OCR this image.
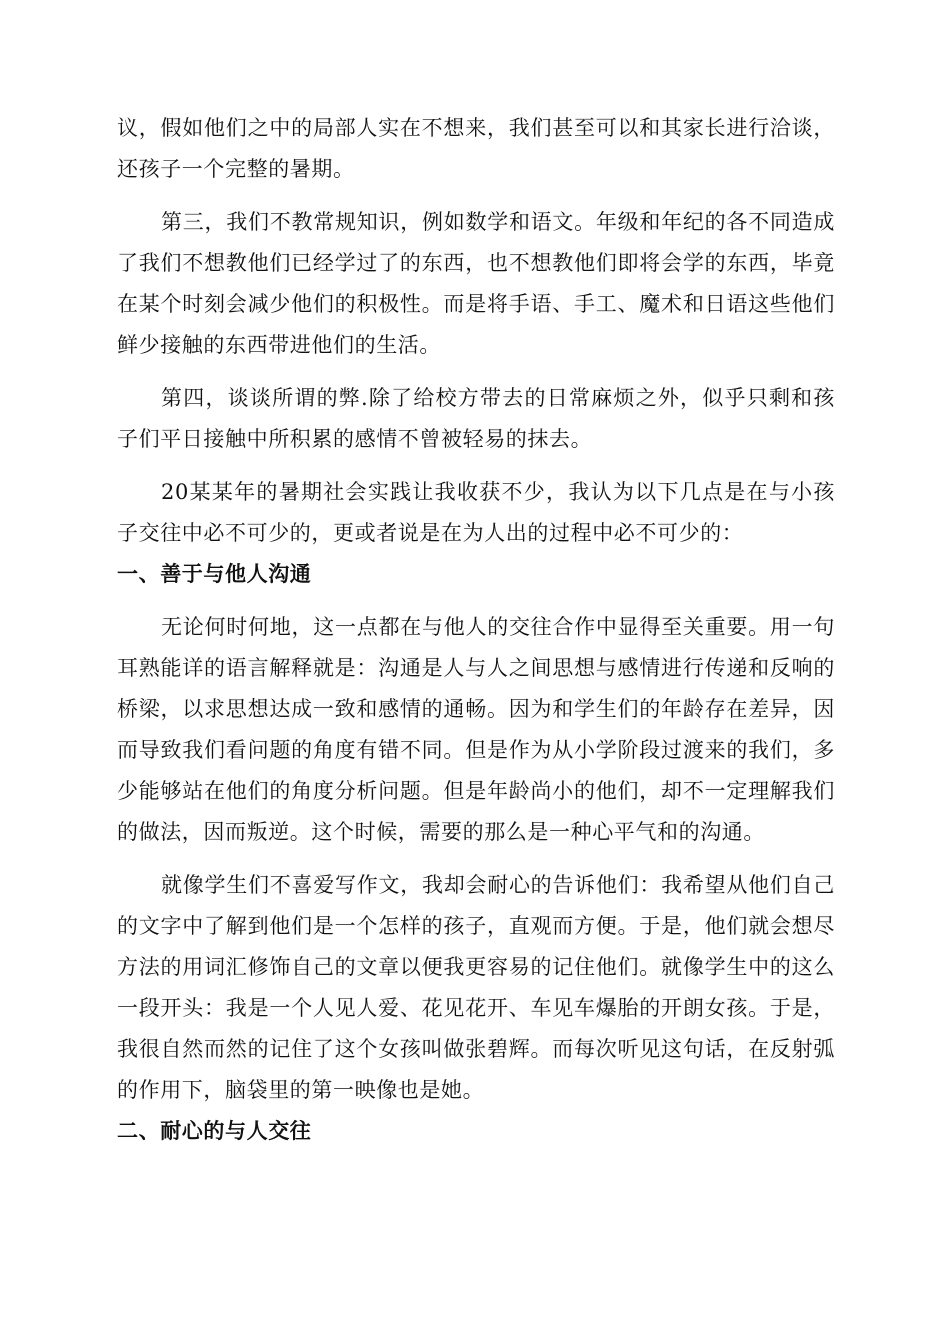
议，假如他们之中的局部人实在不想来，我们甚至可以和其家长进行洽谈，还孩子一个完整的暑期。

第三，我们不教常规知识，例如数学和语文。年级和年纪的各不同造成了我们不想教他们已经学过了的东西，也不想教他们即将会学的东西，毕竟在某个时刻会减少他们的积极性。而是将手语、手工、魔术和日语这些他们鲜少接触的东西带进他们的生活。

第四，谈谈所谓的弊.除了给校方带去的日常麻烦之外，似乎只剩和孩子们平日接触中所积累的感情不曾被轻易的抹去。

20某某年的暑期社会实践让我收获不少，我认为以下几点是在与小孩子交往中必不可少的，更或者说是在为人出的过程中必不可少的：

一、善于与他人沟通

无论何时何地，这一点都在与他人的交往合作中显得至关重要。用一句耳熟能详的语言解释就是：沟通是人与人之间思想与感情进行传递和反响的桥梁，以求思想达成一致和感情的通畅。因为和学生们的年龄存在差异，因而导致我们看问题的角度有错不同。但是作为从小学阶段过渡来的我们，多少能够站在他们的角度分析问题。但是年龄尚小的他们，却不一定理解我们的做法，因而叛逆。这个时候，需要的那么是一种心平气和的沟通。

就像学生们不喜爱写作文，我却会耐心的告诉他们：我希望从他们自己的文字中了解到他们是一个怎样的孩子，直观而方便。于是，他们就会想尽方法的用词汇修饰自己的文章以便我更容易的记住他们。就像学生中的这么一段开头：我是一个人见人爱、花见花开、车见车爆胎的开朗女孩。于是，我很自然而然的记住了这个女孩叫做张碧辉。而每次听见这句话，在反射弧的作用下，脑袋里的第一映像也是她。

二、耐心的与人交往
